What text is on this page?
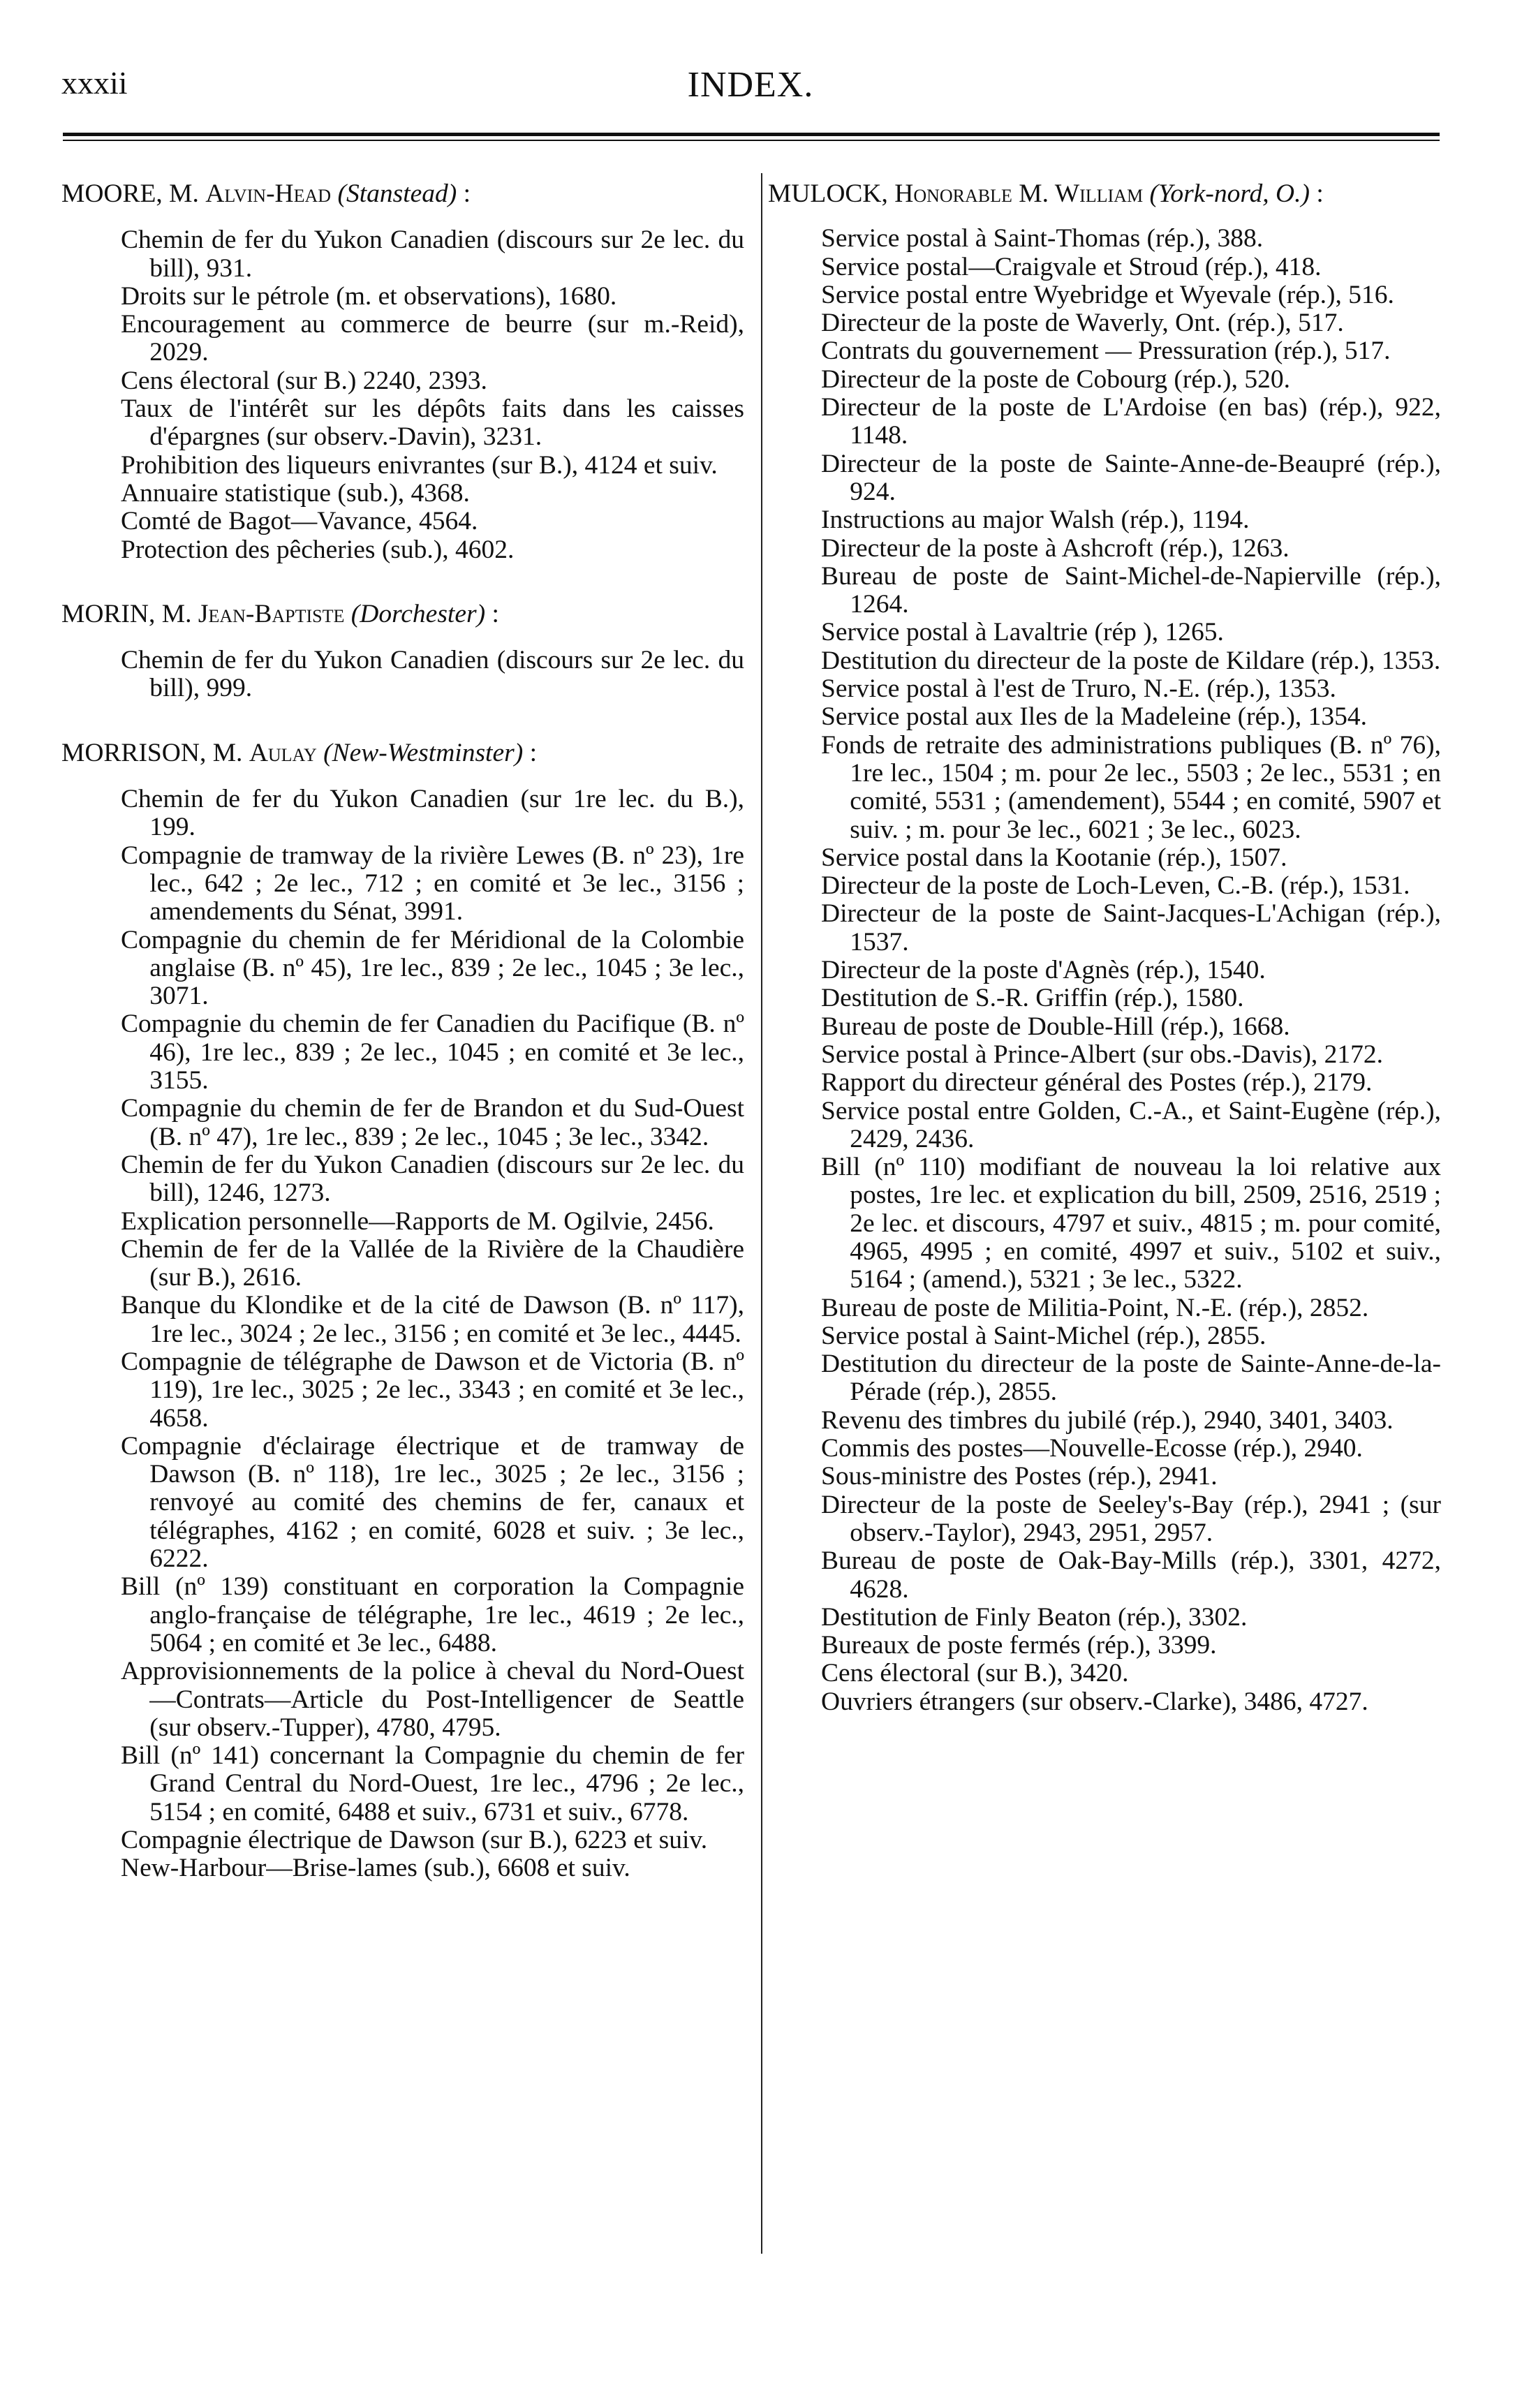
xxxii	INDEX.

MOORE, M. Alvin-Head (Stanstead) :

Chemin de fer du Yukon Canadien (discours sur 2e lec. du bill), 931.
Droits sur le pétrole (m. et observations), 1680.
Encouragement au commerce de beurre (sur m.-Reid), 2029.
Cens électoral (sur B.) 2240, 2393.
Taux de l'intérêt sur les dépôts faits dans les caisses d'épargnes (sur observ.-Davin), 3231.
Prohibition des liqueurs enivrantes (sur B.), 4124 et suiv.
Annuaire statistique (sub.), 4368.
Comté de Bagot—Vavance, 4564.
Protection des pêcheries (sub.), 4602.

MORIN, M. Jean-Baptiste (Dorchester) :

Chemin de fer du Yukon Canadien (discours sur 2e lec. du bill), 999.

MORRISON, M. Aulay (New-Westminster) :

Chemin de fer du Yukon Canadien (sur 1re lec. du B.), 199.
Compagnie de tramway de la rivière Lewes (B. nº 23), 1re lec., 642 ; 2e lec., 712 ; en comité et 3e lec., 3156 ; amendements du Sénat, 3991.
Compagnie du chemin de fer Méridional de la Colombie anglaise (B. nº 45), 1re lec., 839 ; 2e lec., 1045 ; 3e lec., 3071.
Compagnie du chemin de fer Canadien du Pacifique (B. nº 46), 1re lec., 839 ; 2e lec., 1045 ; en comité et 3e lec., 3155.
Compagnie du chemin de fer de Brandon et du Sud-Ouest (B. nº 47), 1re lec., 839 ; 2e lec., 1045 ; 3e lec., 3342.
Chemin de fer du Yukon Canadien (discours sur 2e lec. du bill), 1246, 1273.
Explication personnelle—Rapports de M. Ogilvie, 2456.
Chemin de fer de la Vallée de la Rivière de la Chaudière (sur B.), 2616.
Banque du Klondike et de la cité de Dawson (B. nº 117), 1re lec., 3024 ; 2e lec., 3156 ; en comité et 3e lec., 4445.
Compagnie de télégraphe de Dawson et de Victoria (B. nº 119), 1re lec., 3025 ; 2e lec., 3343 ; en comité et 3e lec., 4658.
Compagnie d'éclairage électrique et de tramway de Dawson (B. nº 118), 1re lec., 3025 ; 2e lec., 3156 ; renvoyé au comité des chemins de fer, canaux et télégraphes, 4162 ; en comité, 6028 et suiv. ; 3e lec., 6222.
Bill (nº 139) constituant en corporation la Compagnie anglo-française de télégraphe, 1re lec., 4619 ; 2e lec., 5064 ; en comité et 3e lec., 6488.
Approvisionnements de la police à cheval du Nord-Ouest—Contrats—Article du Post-Intelligencer de Seattle (sur observ.-Tupper), 4780, 4795.
Bill (nº 141) concernant la Compagnie du chemin de fer Grand Central du Nord-Ouest, 1re lec., 4796 ; 2e lec., 5154 ; en comité, 6488 et suiv., 6731 et suiv., 6778.
Compagnie électrique de Dawson (sur B.), 6223 et suiv.
New-Harbour—Brise-lames (sub.), 6608 et suiv.

MULOCK, Honorable M. William (York-nord, O.) :

Service postal à Saint-Thomas (rép.), 388.
Service postal—Craigvale et Stroud (rép.), 418.
Service postal entre Wyebridge et Wyevale (rép.), 516.
Directeur de la poste de Waverly, Ont. (rép.), 517.
Contrats du gouvernement — Pressuration (rép.), 517.
Directeur de la poste de Cobourg (rép.), 520.
Directeur de la poste de L'Ardoise (en bas) (rép.), 922, 1148.
Directeur de la poste de Sainte-Anne-de-Beaupré (rép.), 924.
Instructions au major Walsh (rép.), 1194.
Directeur de la poste à Ashcroft (rép.), 1263.
Bureau de poste de Saint-Michel-de-Napierville (rép.), 1264.
Service postal à Lavaltrie (rép ), 1265.
Destitution du directeur de la poste de Kildare (rép.), 1353.
Service postal à l'est de Truro, N.-E. (rép.), 1353.
Service postal aux Iles de la Madeleine (rép.), 1354.
Fonds de retraite des administrations publiques (B. nº 76), 1re lec., 1504 ; m. pour 2e lec., 5503 ; 2e lec., 5531 ; en comité, 5531 ; (amendement), 5544 ; en comité, 5907 et suiv. ; m. pour 3e lec., 6021 ; 3e lec., 6023.
Service postal dans la Kootanie (rép.), 1507.
Directeur de la poste de Loch-Leven, C.-B. (rép.), 1531.
Directeur de la poste de Saint-Jacques-L'Achigan (rép.), 1537.
Directeur de la poste d'Agnès (rép.), 1540.
Destitution de S.-R. Griffin (rép.), 1580.
Bureau de poste de Double-Hill (rép.), 1668.
Service postal à Prince-Albert (sur obs.-Davis), 2172.
Rapport du directeur général des Postes (rép.), 2179.
Service postal entre Golden, C.-A., et Saint-Eugène (rép.), 2429, 2436.
Bill (nº 110) modifiant de nouveau la loi relative aux postes, 1re lec. et explication du bill, 2509, 2516, 2519 ; 2e lec. et discours, 4797 et suiv., 4815 ; m. pour comité, 4965, 4995 ; en comité, 4997 et suiv., 5102 et suiv., 5164 ; (amend.), 5321 ; 3e lec., 5322.
Bureau de poste de Militia-Point, N.-E. (rép.), 2852.
Service postal à Saint-Michel (rép.), 2855.
Destitution du directeur de la poste de Sainte-Anne-de-la-Pérade (rép.), 2855.
Revenu des timbres du jubilé (rép.), 2940, 3401, 3403.
Commis des postes—Nouvelle-Ecosse (rép.), 2940.
Sous-ministre des Postes (rép.), 2941.
Directeur de la poste de Seeley's-Bay (rép.), 2941 ; (sur observ.-Taylor), 2943, 2951, 2957.
Bureau de poste de Oak-Bay-Mills (rép.), 3301, 4272, 4628.
Destitution de Finly Beaton (rép.), 3302.
Bureaux de poste fermés (rép.), 3399.
Cens électoral (sur B.), 3420.
Ouvriers étrangers (sur observ.-Clarke), 3486, 4727.
